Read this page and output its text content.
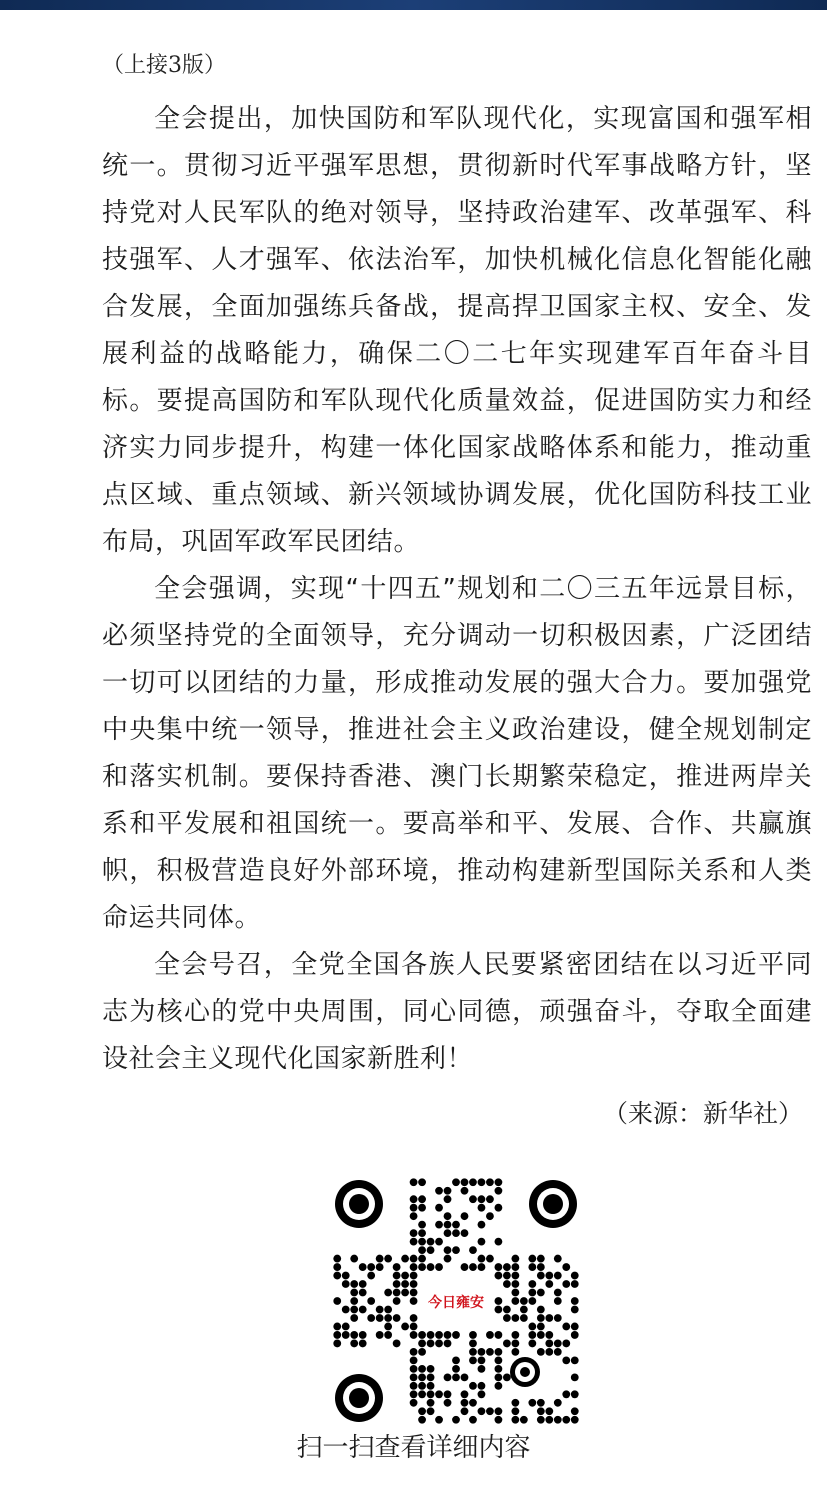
（上接3版）

全会提出，加快国防和军队现代化，实现富国和强军相统一。贯彻习近平强军思想，贯彻新时代军事战略方针，坚持党对人民军队的绝对领导，坚持政治建军、改革强军、科技强军、人才强军、依法治军，加快机械化信息化智能化融合发展，全面加强练兵备战，提高捍卫国家主权、安全、发展利益的战略能力，确保二〇二七年实现建军百年奋斗目标。要提高国防和军队现代化质量效益，促进国防实力和经济实力同步提升，构建一体化国家战略体系和能力，推动重点区域、重点领域、新兴领域协调发展，优化国防科技工业布局，巩固军政军民团结。

全会强调，实现“十四五”规划和二〇三五年远景目标，必须坚持党的全面领导，充分调动一切积极因素，广泛团结一切可以团结的力量，形成推动发展的强大合力。要加强党中央集中统一领导，推进社会主义政治建设，健全规划制定和落实机制。要保持香港、澳门长期繁荣稳定，推进两岸关系和平发展和祖国统一。要高举和平、发展、合作、共赢旗帜，积极营造良好外部环境，推动构建新型国际关系和人类命运共同体。

全会号召，全党全国各族人民要紧密团结在以习近平同志为核心的党中央周围，同心同德，顽强奋斗，夺取全面建设社会主义现代化国家新胜利！

（来源：新华社）
今日雍安
扫一扫查看详细内容
